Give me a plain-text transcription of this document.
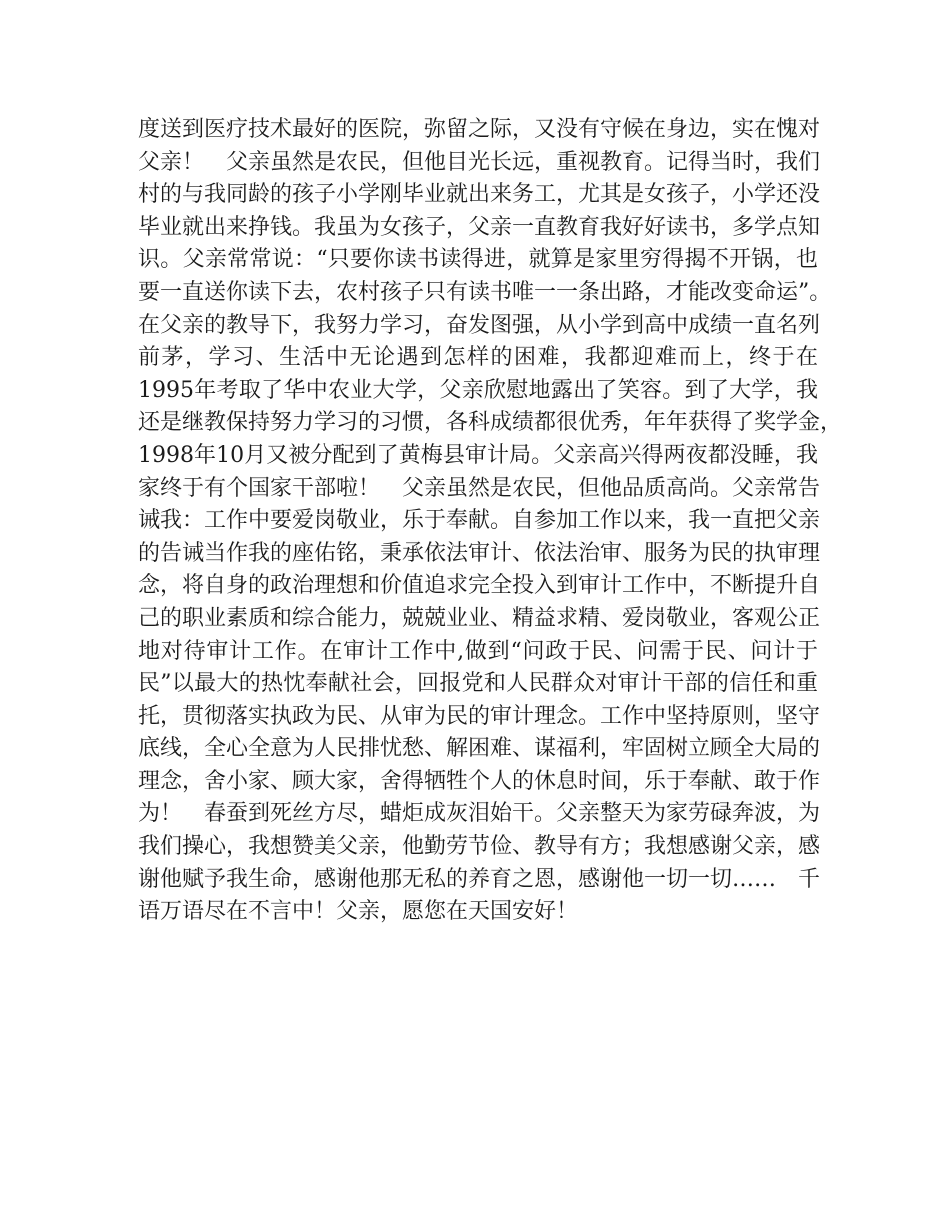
度送到医疗技术最好的医院，弥留之际，又没有守候在身边，实在愧对
父亲！　父亲虽然是农民，但他目光长远，重视教育。记得当时，我们
村的与我同龄的孩子小学刚毕业就出来务工，尤其是女孩子，小学还没
毕业就出来挣钱。我虽为女孩子，父亲一直教育我好好读书，多学点知
识。父亲常常说：“只要你读书读得进，就算是家里穷得揭不开锅，也
要一直送你读下去，农村孩子只有读书唯一一条出路，才能改变命运”。
在父亲的教导下，我努力学习，奋发图强，从小学到高中成绩一直名列
前茅，学习、生活中无论遇到怎样的困难，我都迎难而上，终于在
1995年考取了华中农业大学，父亲欣慰地露出了笑容。到了大学，我
还是继教保持努力学习的习惯，各科成绩都很优秀，年年获得了奖学金，
1998年10月又被分配到了黄梅县审计局。父亲高兴得两夜都没睡，我
家终于有个国家干部啦！　父亲虽然是农民，但他品质高尚。父亲常告
诫我：工作中要爱岗敬业，乐于奉献。自参加工作以来，我一直把父亲
的告诫当作我的座佑铭，秉承依法审计、依法治审、服务为民的执审理
念，将自身的政治理想和价值追求完全投入到审计工作中，不断提升自
己的职业素质和综合能力，兢兢业业、精益求精、爱岗敬业，客观公正
地对待审计工作。在审计工作中,做到“问政于民、问需于民、问计于
民”以最大的热忱奉献社会，回报党和人民群众对审计干部的信任和重
托，贯彻落实执政为民、从审为民的审计理念。工作中坚持原则，坚守
底线，全心全意为人民排忧愁、解困难、谋福利，牢固树立顾全大局的
理念，舍小家、顾大家，舍得牺牲个人的休息时间，乐于奉献、敢于作
为！　春蚕到死丝方尽，蜡炬成灰泪始干。父亲整天为家劳碌奔波，为
我们操心，我想赞美父亲，他勤劳节俭、教导有方；我想感谢父亲，感
谢他赋予我生命，感谢他那无私的养育之恩，感谢他一切一切……　千
语万语尽在不言中！父亲，愿您在天国安好！
